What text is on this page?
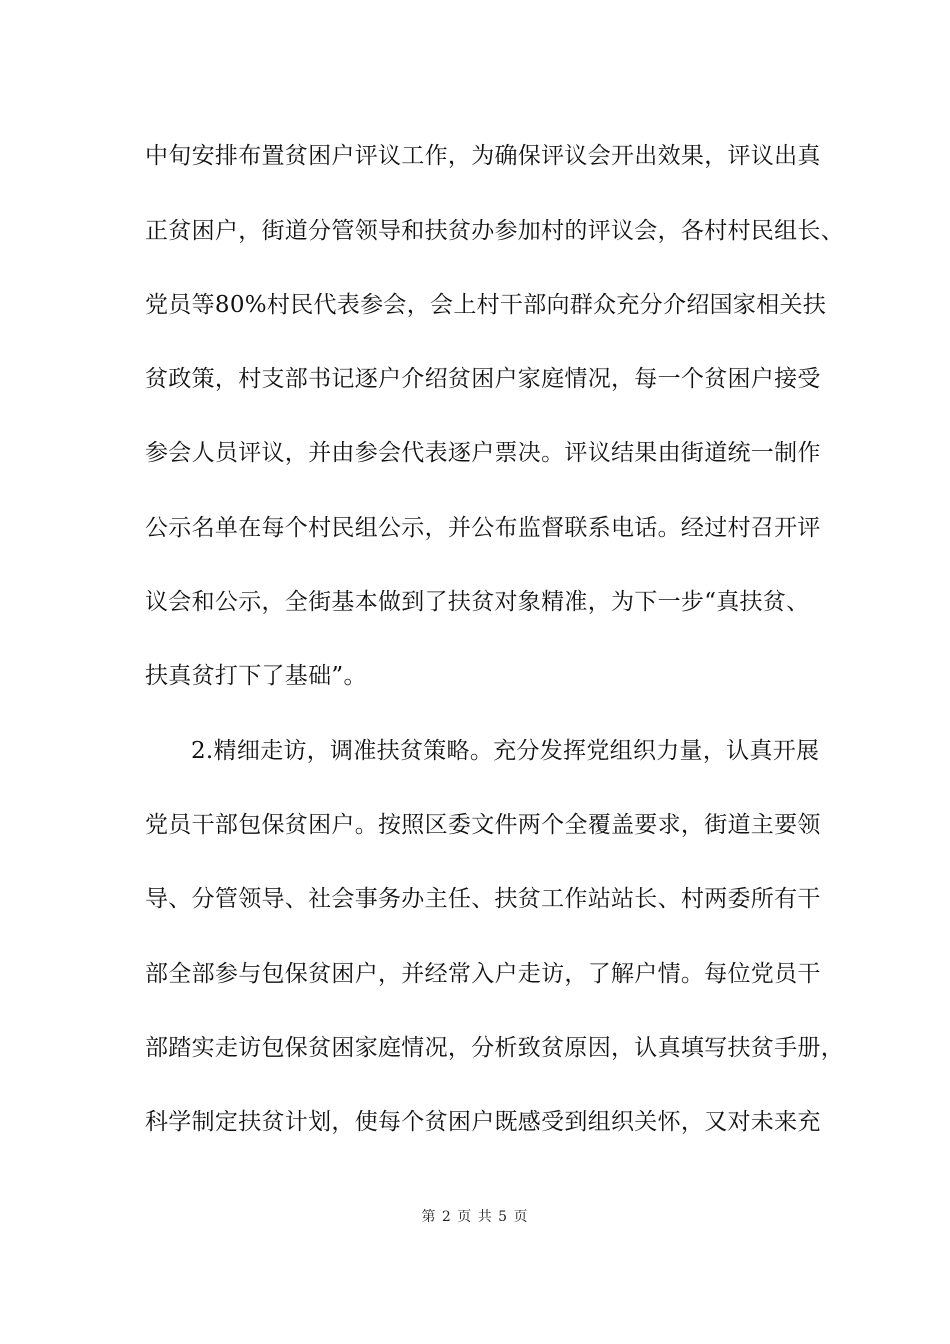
中旬安排布置贫困户评议工作，为确保评议会开出效果，评议出真
正贫困户，街道分管领导和扶贫办参加村的评议会，各村村民组长、
党员等80%村民代表参会，会上村干部向群众充分介绍国家相关扶
贫政策，村支部书记逐户介绍贫困户家庭情况，每一个贫困户接受
参会人员评议，并由参会代表逐户票决。评议结果由街道统一制作
公示名单在每个村民组公示，并公布监督联系电话。经过村召开评
议会和公示，全街基本做到了扶贫对象精准，为下一步“真扶贫、
扶真贫打下了基础”。
2.精细走访，调准扶贫策略。充分发挥党组织力量，认真开展
党员干部包保贫困户。按照区委文件两个全覆盖要求，街道主要领
导、分管领导、社会事务办主任、扶贫工作站站长、村两委所有干
部全部参与包保贫困户，并经常入户走访，了解户情。每位党员干
部踏实走访包保贫困家庭情况，分析致贫原因，认真填写扶贫手册，
科学制定扶贫计划，使每个贫困户既感受到组织关怀，又对未来充
第 2 页 共 5 页
